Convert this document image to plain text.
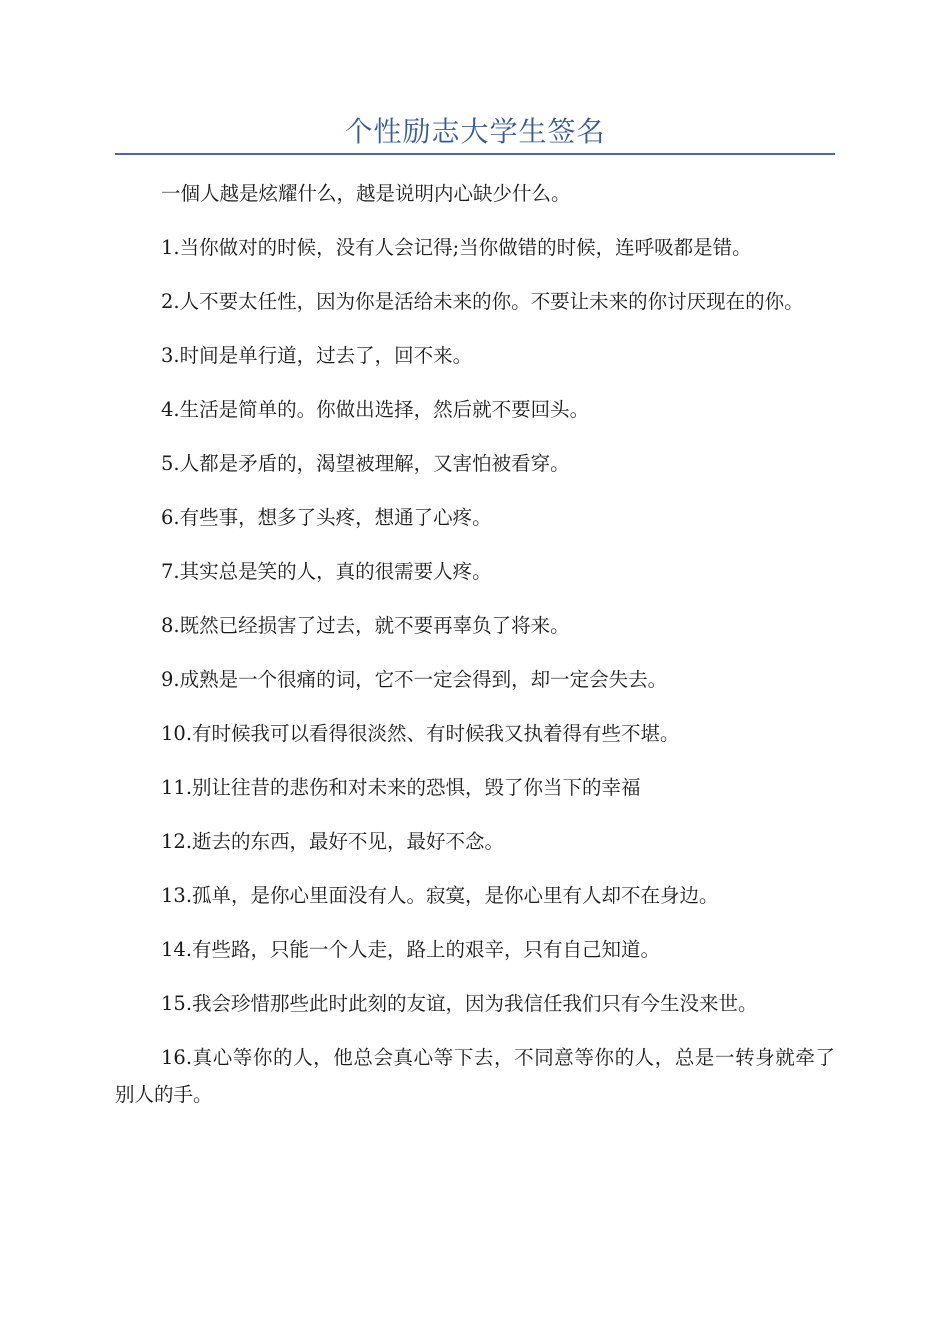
个性励志大学生签名

一個人越是炫耀什么，越是说明内心缺少什么。

1.当你做对的时候，没有人会记得;当你做错的时候，连呼吸都是错。

2.人不要太任性，因为你是活给未来的你。不要让未来的你讨厌现在的你。

3.时间是单行道，过去了，回不来。

4.生活是简单的。你做出选择，然后就不要回头。

5.人都是矛盾的，渴望被理解，又害怕被看穿。

6.有些事，想多了头疼，想通了心疼。

7.其实总是笑的人，真的很需要人疼。

8.既然已经损害了过去，就不要再辜负了将来。

9.成熟是一个很痛的词，它不一定会得到，却一定会失去。

10.有时候我可以看得很淡然、有时候我又执着得有些不堪。

11.别让往昔的悲伤和对未来的恐惧，毁了你当下的幸福

12.逝去的东西，最好不见，最好不念。

13.孤单，是你心里面没有人。寂寞，是你心里有人却不在身边。

14.有些路，只能一个人走，路上的艰辛，只有自己知道。

15.我会珍惜那些此时此刻的友谊，因为我信任我们只有今生没来世。

16.真心等你的人，他总会真心等下去，不同意等你的人，总是一转身就牵了别人的手。
